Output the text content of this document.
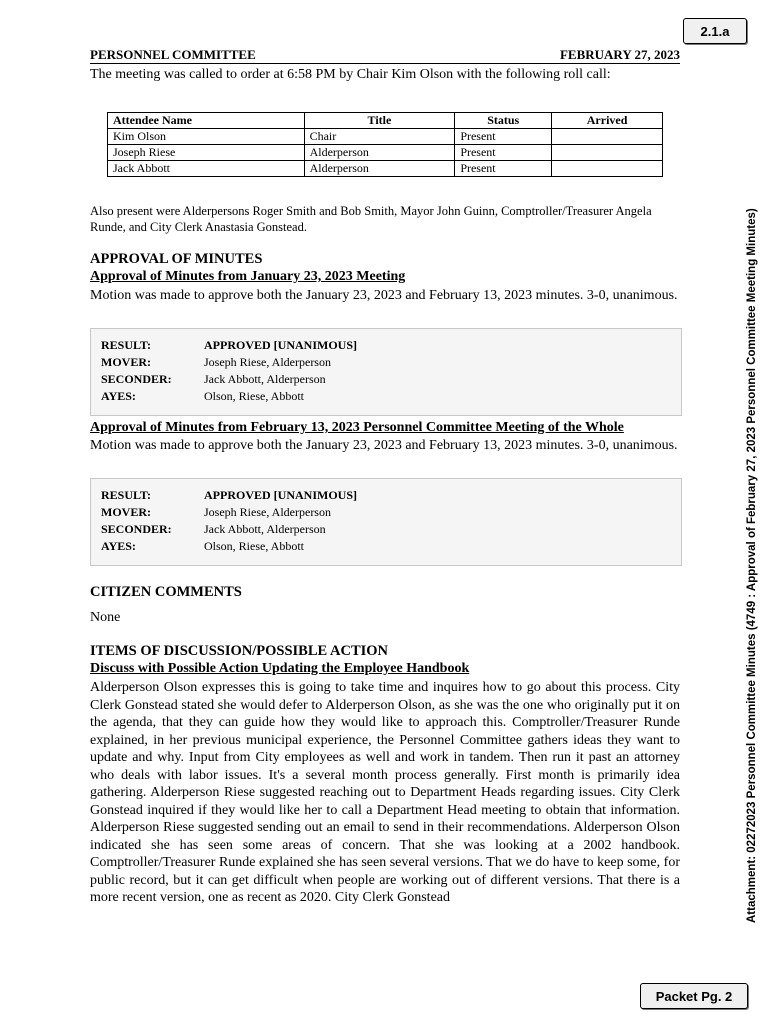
2.1.a
Attachment: 02272023 Personnel Committee Minutes (4749 : Approval of February 27, 2023 Personnel Committee Meeting Minutes)
PERSONNEL COMMITTEE	FEBRUARY 27, 2023
The meeting was called to order at 6:58 PM by Chair Kim Olson with the following roll call:
Attendee Name	Title	Status	Arrived
Kim Olson	Chair	Present	
Joseph Riese	Alderperson	Present	
Jack Abbott	Alderperson	Present	
Also present were Alderpersons Roger Smith and Bob Smith, Mayor John Guinn, Comptroller/Treasurer Angela Runde, and City Clerk Anastasia Gonstead.
APPROVAL OF MINUTES
Approval of Minutes from January 23, 2023 Meeting
Motion was made to approve both the January 23, 2023 and February 13, 2023 minutes. 3-0, unanimous.
RESULT:	APPROVED [UNANIMOUS]
MOVER:	Joseph Riese, Alderperson
SECONDER:	Jack Abbott, Alderperson
AYES:	Olson, Riese, Abbott
Approval of Minutes from February 13, 2023 Personnel Committee Meeting of the Whole
Motion was made to approve both the January 23, 2023 and February 13, 2023 minutes. 3-0, unanimous.
RESULT:	APPROVED [UNANIMOUS]
MOVER:	Joseph Riese, Alderperson
SECONDER:	Jack Abbott, Alderperson
AYES:	Olson, Riese, Abbott
CITIZEN COMMENTS
None
ITEMS OF DISCUSSION/POSSIBLE ACTION
Discuss with Possible Action Updating the Employee Handbook
Alderperson Olson expresses this is going to take time and inquires how to go about this process. City Clerk Gonstead stated she would defer to Alderperson Olson, as she was the one who originally put it on the agenda, that they can guide how they would like to approach this. Comptroller/Treasurer Runde explained, in her previous municipal experience, the Personnel Committee gathers ideas they want to update and why. Input from City employees as well and work in tandem. Then run it past an attorney who deals with labor issues. It's a several month process generally. First month is primarily idea gathering. Alderperson Riese suggested reaching out to Department Heads regarding issues. City Clerk Gonstead inquired if they would like her to call a Department Head meeting to obtain that information. Alderperson Riese suggested sending out an email to send in their recommendations. Alderperson Olson indicated she has seen some areas of concern. That she was looking at a 2002 handbook. Comptroller/Treasurer Runde explained she has seen several versions. That we do have to keep some, for public record, but it can get difficult when people are working out of different versions. That there is a more recent version, one as recent as 2020. City Clerk Gonstead
Packet Pg. 2
